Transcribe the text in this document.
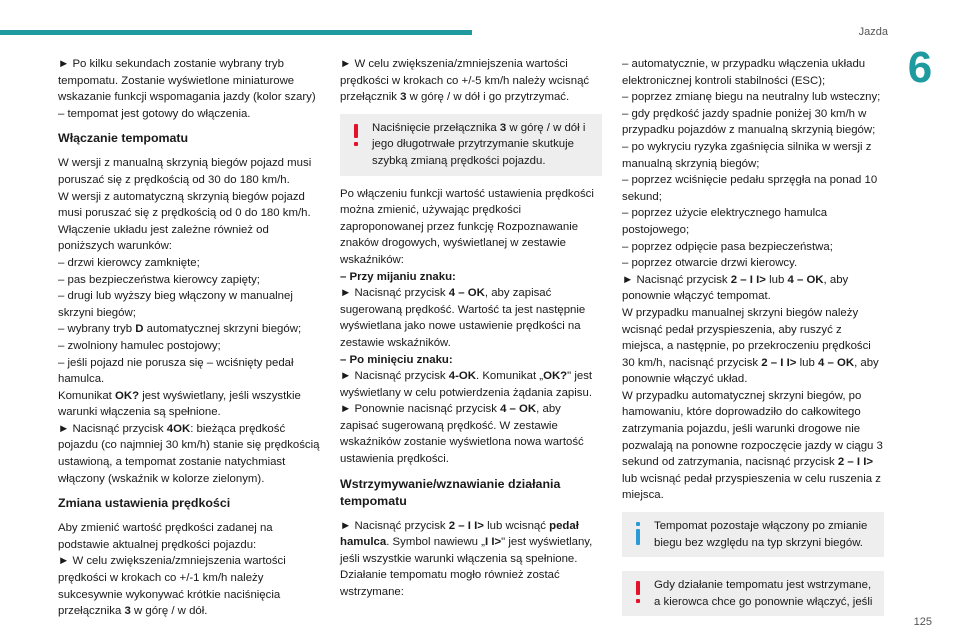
Jazda
6

► Po kilku sekundach zostanie wybrany tryb tempomatu. Zostanie wyświetlone miniaturowe wskazanie funkcji wspomagania jazdy (kolor szary) – tempomat jest gotowy do włączenia.

Włączanie tempomatu

W wersji z manualną skrzynią biegów pojazd musi poruszać się z prędkością od 30 do 180 km/h.

W wersji z automatyczną skrzynią biegów pojazd musi poruszać się z prędkością od 0 do 180 km/h.

Włączenie układu jest zależne również od poniższych warunków:

– drzwi kierowcy zamknięte;

– pas bezpieczeństwa kierowcy zapięty;

– drugi lub wyższy bieg włączony w manualnej skrzyni biegów;

– wybrany tryb D automatycznej skrzyni biegów;

– zwolniony hamulec postojowy;

– jeśli pojazd nie porusza się – wciśnięty pedał hamulca.

Komunikat OK? jest wyświetlany, jeśli wszystkie warunki włączenia są spełnione.

► Nacisnąć przycisk 4OK: bieżąca prędkość pojazdu (co najmniej 30 km/h) stanie się prędkością ustawioną, a tempomat zostanie natychmiast włączony (wskaźnik w kolorze zielonym).

Zmiana ustawienia prędkości

Aby zmienić wartość prędkości zadanej na podstawie aktualnej prędkości pojazdu:

► W celu zwiększenia/zmniejszenia wartości prędkości w krokach co +/-1 km/h należy sukcesywnie wykonywać krótkie naciśnięcia przełącznika 3 w górę / w dół.

► W celu zwiększenia/zmniejszenia wartości prędkości w krokach co +/-5 km/h należy wcisnąć przełącznik 3 w górę / w dół i go przytrzymać.

Naciśnięcie przełącznika 3 w górę / w dół i jego długotrwałe przytrzymanie skutkuje szybką zmianą prędkości pojazdu.

Po włączeniu funkcji wartość ustawienia prędkości można zmienić, używając prędkości zaproponowanej przez funkcję Rozpoznawanie znaków drogowych, wyświetlanej w zestawie wskaźników:

– Przy mijaniu znaku:

► Nacisnąć przycisk 4 – OK, aby zapisać sugerowaną prędkość. Wartość ta jest następnie wyświetlana jako nowe ustawienie prędkości na zestawie wskaźników.

– Po minięciu znaku:

► Nacisnąć przycisk 4-OK. Komunikat „OK?" jest wyświetlany w celu potwierdzenia żądania zapisu.

► Ponownie nacisnąć przycisk 4 – OK, aby zapisać sugerowaną prędkość. W zestawie wskaźników zostanie wyświetlona nowa wartość ustawienia prędkości.

Wstrzymywanie/wznawianie działania tempomatu

► Nacisnąć przycisk 2 – I I> lub wcisnąć pedał hamulca. Symbol nawiewu „I I>" jest wyświetlany, jeśli wszystkie warunki włączenia są spełnione.

Działanie tempomatu mogło również zostać wstrzymane:

– automatycznie, w przypadku włączenia układu elektronicznej kontroli stabilności (ESC);

– poprzez zmianę biegu na neutralny lub wsteczny;

– gdy prędkość jazdy spadnie poniżej 30 km/h w przypadku pojazdów z manualną skrzynią biegów;

– po wykryciu ryzyka zgaśnięcia silnika w wersji z manualną skrzynią biegów;

– poprzez wciśnięcie pedału sprzęgła na ponad 10 sekund;

– poprzez użycie elektrycznego hamulca postojowego;

– poprzez odpięcie pasa bezpieczeństwa;

– poprzez otwarcie drzwi kierowcy.

► Nacisnąć przycisk 2 – I I> lub 4 – OK, aby ponownie włączyć tempomat.

W przypadku manualnej skrzyni biegów należy wcisnąć pedał przyspieszenia, aby ruszyć z miejsca, a następnie, po przekroczeniu prędkości 30 km/h, nacisnąć przycisk 2 – I I> lub 4 – OK, aby ponownie włączyć układ.

W przypadku automatycznej skrzyni biegów, po hamowaniu, które doprowadziło do całkowitego zatrzymania pojazdu, jeśli warunki drogowe nie pozwalają na ponowne rozpoczęcie jazdy w ciągu 3 sekund od zatrzymania, nacisnąć przycisk 2 – I I> lub wcisnąć pedał przyspieszenia w celu ruszenia z miejsca.

Tempomat pozostaje włączony po zmianie biegu bez względu na typ skrzyni biegów.

Gdy działanie tempomatu jest wstrzymane, a kierowca chce go ponownie włączyć, jeśli

125
